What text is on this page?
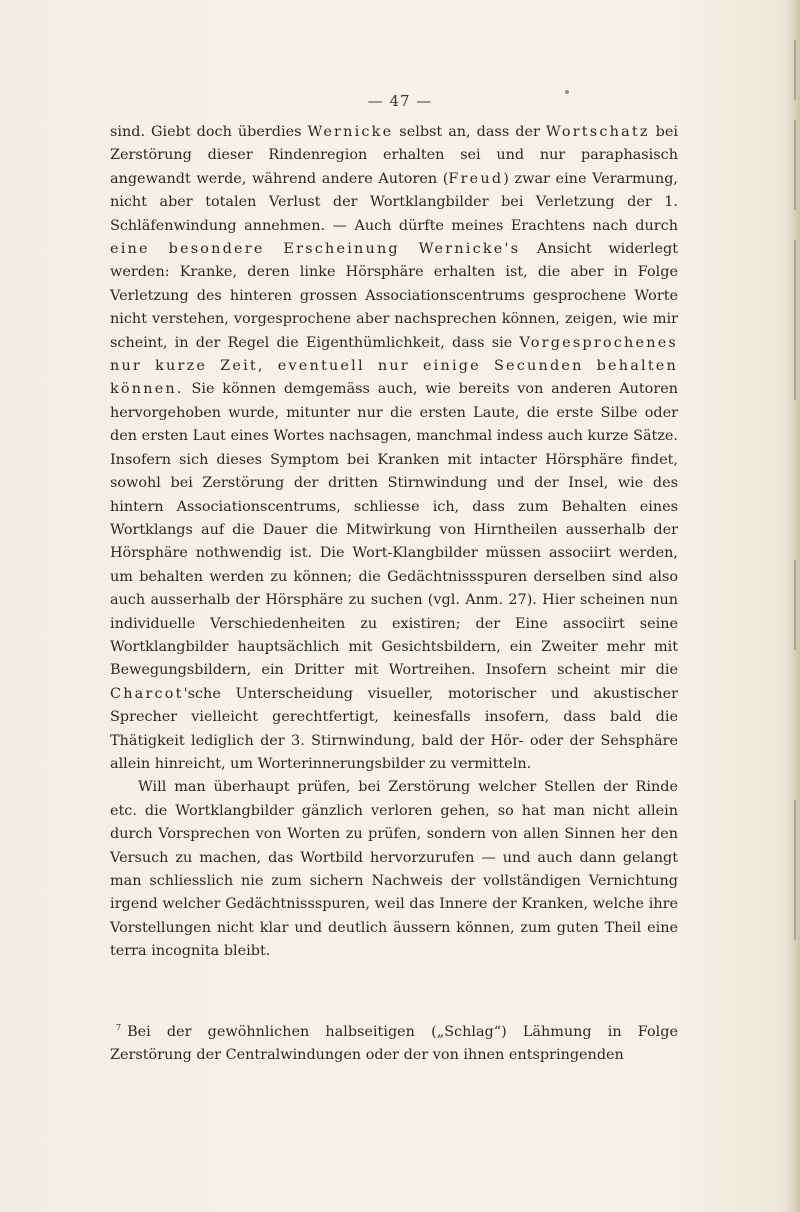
— 47 —

sind. Giebt doch überdies Wernicke selbst an, dass der Wortschatz bei Zerstörung dieser Rindenregion erhalten sei und nur paraphasisch angewandt werde, während andere Autoren (Freud) zwar eine Verarmung, nicht aber totalen Verlust der Wortklangbilder bei Verletzung der 1. Schläfenwindung annehmen. — Auch dürfte meines Erachtens nach durch eine besondere Erscheinung Wernicke's Ansicht widerlegt werden: Kranke, deren linke Hörsphäre erhalten ist, die aber in Folge Verletzung des hinteren grossen Associationscentrums gesprochene Worte nicht verstehen, vorgesprochene aber nachsprechen können, zeigen, wie mir scheint, in der Regel die Eigenthümlichkeit, dass sie Vorgesprochenes nur kurze Zeit, eventuell nur einige Secunden behalten können. Sie können demgemäss auch, wie bereits von anderen Autoren hervorgehoben wurde, mitunter nur die ersten Laute, die erste Silbe oder den ersten Laut eines Wortes nachsagen, manchmal indess auch kurze Sätze. Insofern sich dieses Symptom bei Kranken mit intacter Hörsphäre findet, sowohl bei Zerstörung der dritten Stirnwindung und der Insel, wie des hintern Associationscentrums, schliesse ich, dass zum Behalten eines Wortklangs auf die Dauer die Mitwirkung von Hirntheilen ausserhalb der Hörsphäre nothwendig ist. Die Wort-Klangbilder müssen associirt werden, um behalten werden zu können; die Gedächtnissspuren derselben sind also auch ausserhalb der Hörsphäre zu suchen (vgl. Anm. 27). Hier scheinen nun individuelle Verschiedenheiten zu existiren; der Eine associirt seine Wortklangbilder hauptsächlich mit Gesichtsbildern, ein Zweiter mehr mit Bewegungsbildern, ein Dritter mit Wortreihen. Insofern scheint mir die Charcot'sche Unterscheidung visueller, motorischer und akustischer Sprecher vielleicht gerechtfertigt, keinesfalls insofern, dass bald die Thätigkeit lediglich der 3. Stirnwindung, bald der Hör- oder der Sehsphäre allein hinreicht, um Worterinnerungsbilder zu vermitteln.

Will man überhaupt prüfen, bei Zerstörung welcher Stellen der Rinde etc. die Wortklangbilder gänzlich verloren gehen, so hat man nicht allein durch Vorsprechen von Worten zu prüfen, sondern von allen Sinnen her den Versuch zu machen, das Wortbild hervorzurufen — und auch dann gelangt man schliesslich nie zum sichern Nachweis der vollständigen Vernichtung irgend welcher Gedächtnissspuren, weil das Innere der Kranken, welche ihre Vorstellungen nicht klar und deutlich äussern können, zum guten Theil eine terra incognita bleibt.

$^7$ Bei der gewöhnlichen halbseitigen („Schlag“) Lähmung in Folge Zerstörung der Centralwindungen oder der von ihnen entspringenden
